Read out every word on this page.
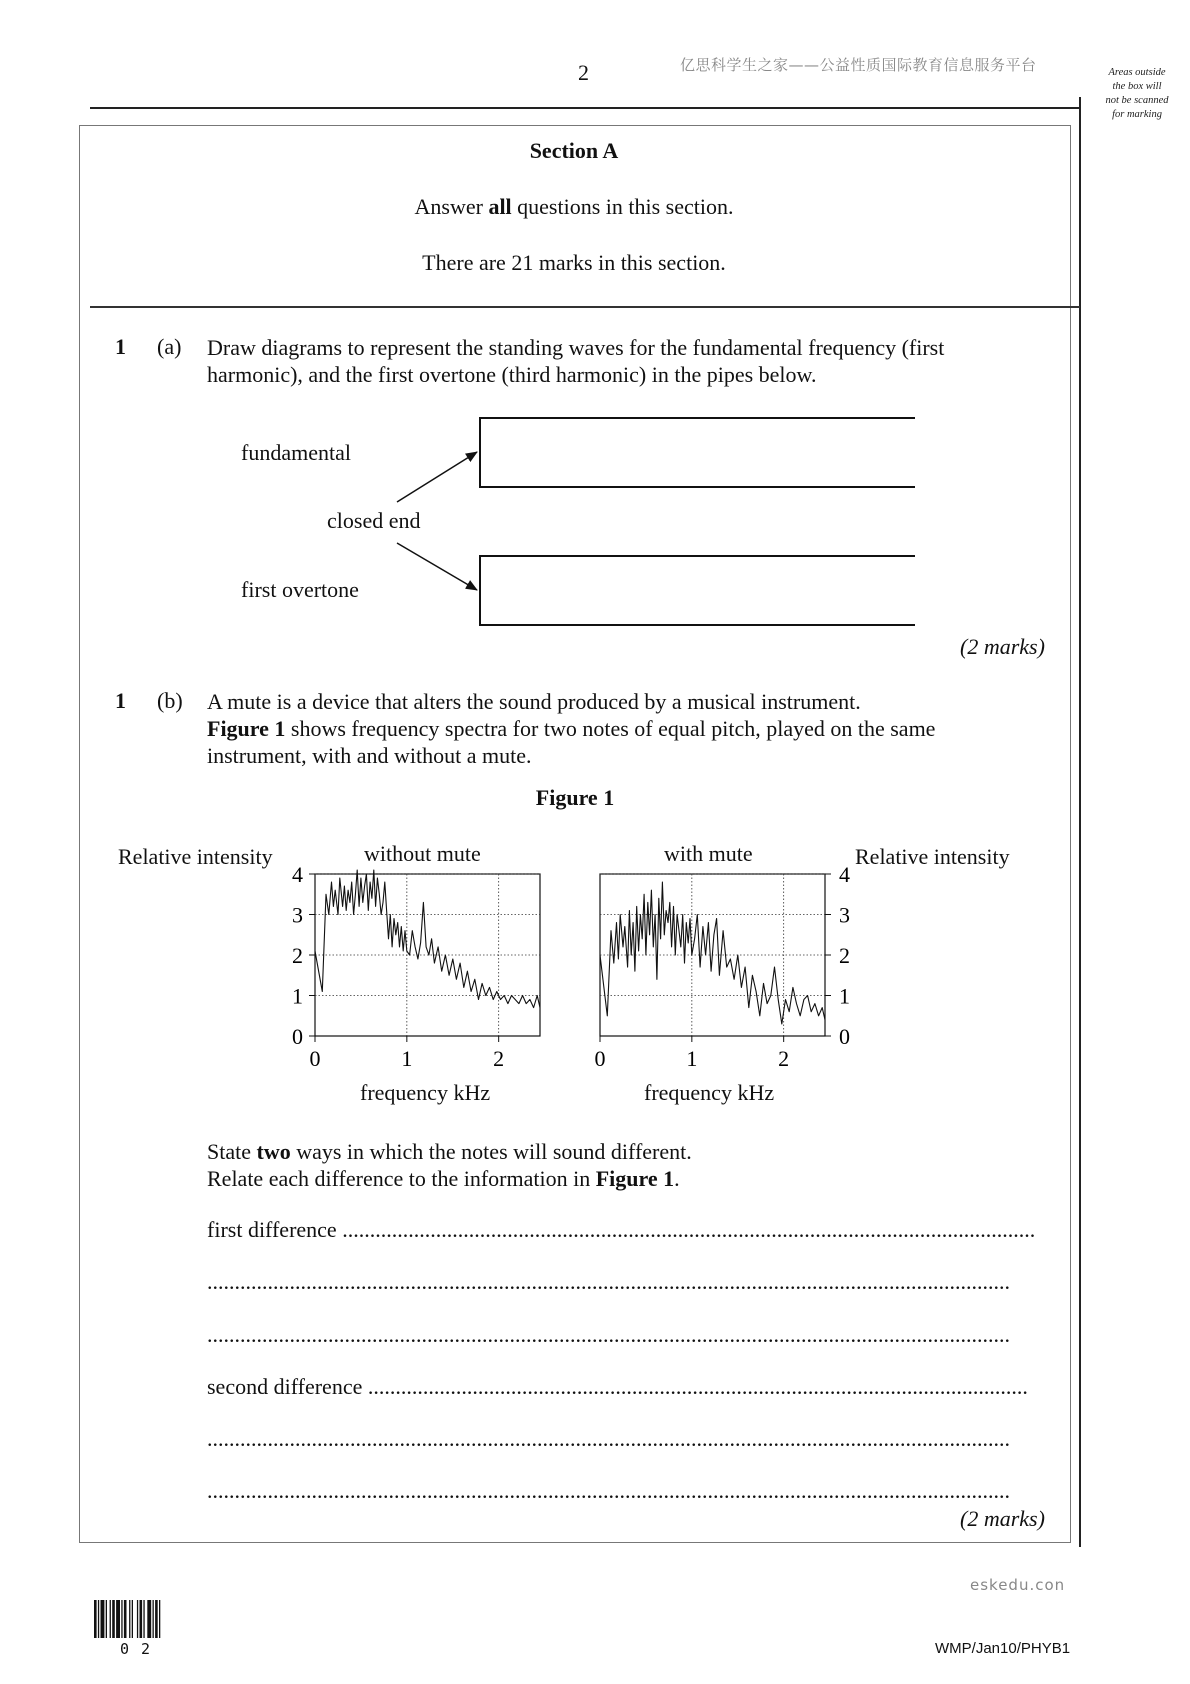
2	亿思科学生之家——公益性质国际教育信息服务平台	Areas outside
the box will
not be scanned
for marking
Section A
Answer all questions in this section.
There are 21 marks in this section.
1 (a) Draw diagrams to represent the standing waves for the fundamental frequency (first
harmonic), and the first overtone (third harmonic) in the pipes below.
fundamental
closed end
first overtone
(2 marks)
1 (b) A mute is a device that alters the sound produced by a musical instrument.
Figure 1 shows frequency spectra for two notes of equal pitch, played on the same
instrument, with and without a mute.
Figure 1
Relative intensity	without mute	with mute	Relative intensity
frequency kHz	frequency kHz
0
1
2
3
4
0	1	2
0
1
2
3
4
0	1	2
State two ways in which the notes will sound different.
Relate each difference to the information in Figure 1.
first difference ..............................................................................................................................
..................................................................................................................................................
..................................................................................................................................................
second difference ........................................................................................................................
..................................................................................................................................................
..................................................................................................................................................
(2 marks)
eskedu.con
02	WMP/Jan10/PHYB1
